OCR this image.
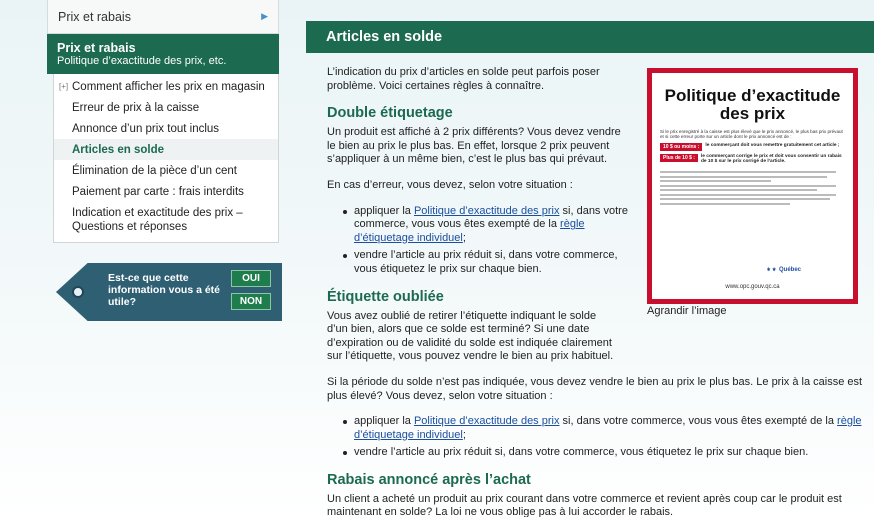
Prix et rabais	▶
Prix et rabais
Politique d’exactitude des prix, etc.
[+] Comment afficher les prix en magasin
Erreur de prix à la caisse
Annonce d’un prix tout inclus
Articles en solde
Élimination de la pièce d’un cent
Paiement par carte : frais interdits
Indication et exactitude des prix – Questions et réponses
Est-ce que cette information vous a été utile?
OUI
NON
Articles en solde

L’indication du prix d’articles en solde peut parfois poser problème. Voici certaines règles à connaître.

Double étiquetage

Un produit est affiché à 2 prix différents? Vous devez vendre le bien au prix le plus bas. En effet, lorsque 2 prix peuvent s’appliquer à un même bien, c’est le plus bas qui prévaut.

En cas d’erreur, vous devez, selon votre situation :

appliquer la Politique d’exactitude des prix si, dans votre commerce, vous vous êtes exempté de la règle d’étiquetage individuel;
vendre l’article au prix réduit si, dans votre commerce, vous étiquetez le prix sur chaque bien.
Étiquette oubliée

Vous avez oublié de retirer l’étiquette indiquant le solde d’un bien, alors que ce solde est terminé? Si une date d’expiration ou de validité du solde est indiquée clairement sur l’étiquette, vous pouvez vendre le bien au prix habituel.

Si la période du solde n’est pas indiquée, vous devez vendre le bien au prix le plus bas. Le prix à la caisse est plus élevé? Vous devez, selon votre situation :

appliquer la Politique d’exactitude des prix si, dans votre commerce, vous vous êtes exempté de la règle d’étiquetage individuel;
vendre l’article au prix réduit si, dans votre commerce, vous étiquetez le prix sur chaque bien.
Rabais annoncé après l’achat

Un client a acheté un produit au prix courant dans votre commerce et revient après coup car le produit est maintenant en solde? La loi ne vous oblige pas à lui accorder le rabais.

Politique d’exactitude des prix
Si le prix enregistré à la caisse est plus élevé que le prix annoncé, le plus bas prix prévaut et si cette erreur porte sur un article dont le prix annoncé est de :
10 $ ou moins :	le commerçant doit vous remettre gratuitement cet article ;
Plus de 10 $ :	le commerçant corrige le prix et doit vous consentir un rabais de 10 $ sur le prix corrigé de l’article.
⚜⚜ Québec
www.opc.gouv.qc.ca
Agrandir l’image
